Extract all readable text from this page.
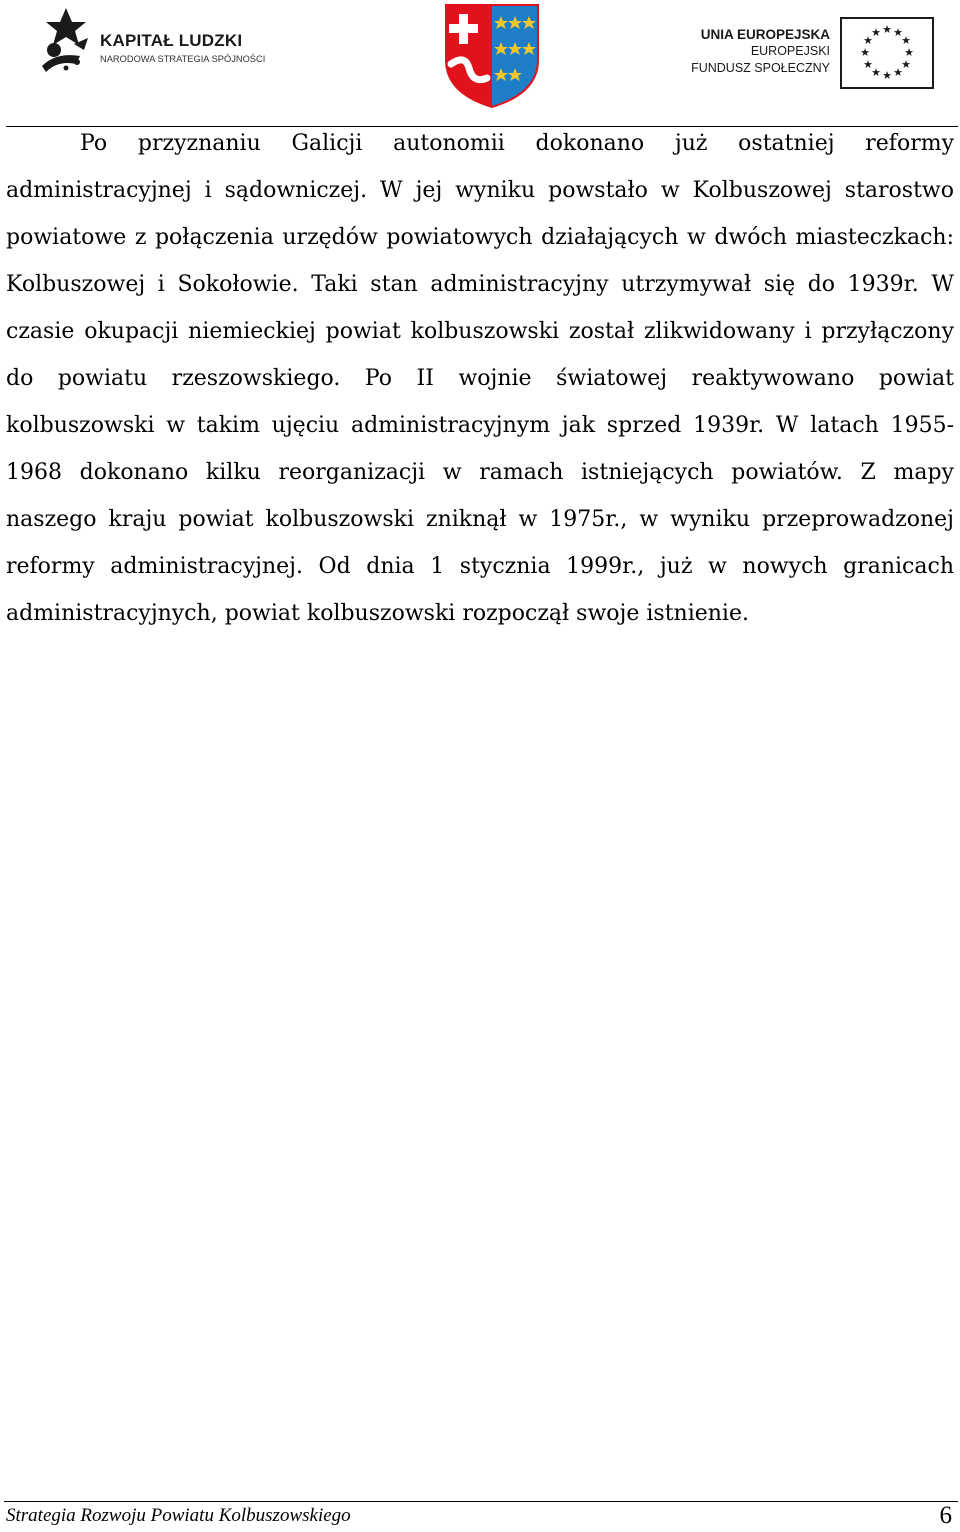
KAPITAŁ LUDZKI
NARODOWA STRATEGIA SPÓJNOŚCI
UNIA EUROPEJSKA
EUROPEJSKI
FUNDUSZ SPOŁECZNY
★ ★
★
★
★
★
★
★
★
★
★
★

Po przyznaniu Galicji autonomii dokonano już ostatniej reformy administracyjnej i sądowniczej. W jej wyniku powstało w Kolbuszowej starostwo powiatowe z połączenia urzędów powiatowych działających w dwóch miasteczkach: Kolbuszowej i Sokołowie. Taki stan administracyjny utrzymywał się do 1939r. W czasie okupacji niemieckiej powiat kolbuszowski został zlikwidowany i przyłączony do powiatu rzeszowskiego. Po II wojnie światowej reaktywowano powiat kolbuszowski w takim ujęciu administracyjnym jak sprzed 1939r. W latach 1955-1968 dokonano kilku reorganizacji w ramach istniejących powiatów. Z mapy naszego kraju powiat kolbuszowski zniknął w 1975r., w wyniku przeprowadzonej reformy administracyjnej. Od dnia 1 stycznia 1999r., już w nowych granicach administracyjnych, powiat kolbuszowski rozpoczął swoje istnienie.

Strategia Rozwoju Powiatu Kolbuszowskiego	6
